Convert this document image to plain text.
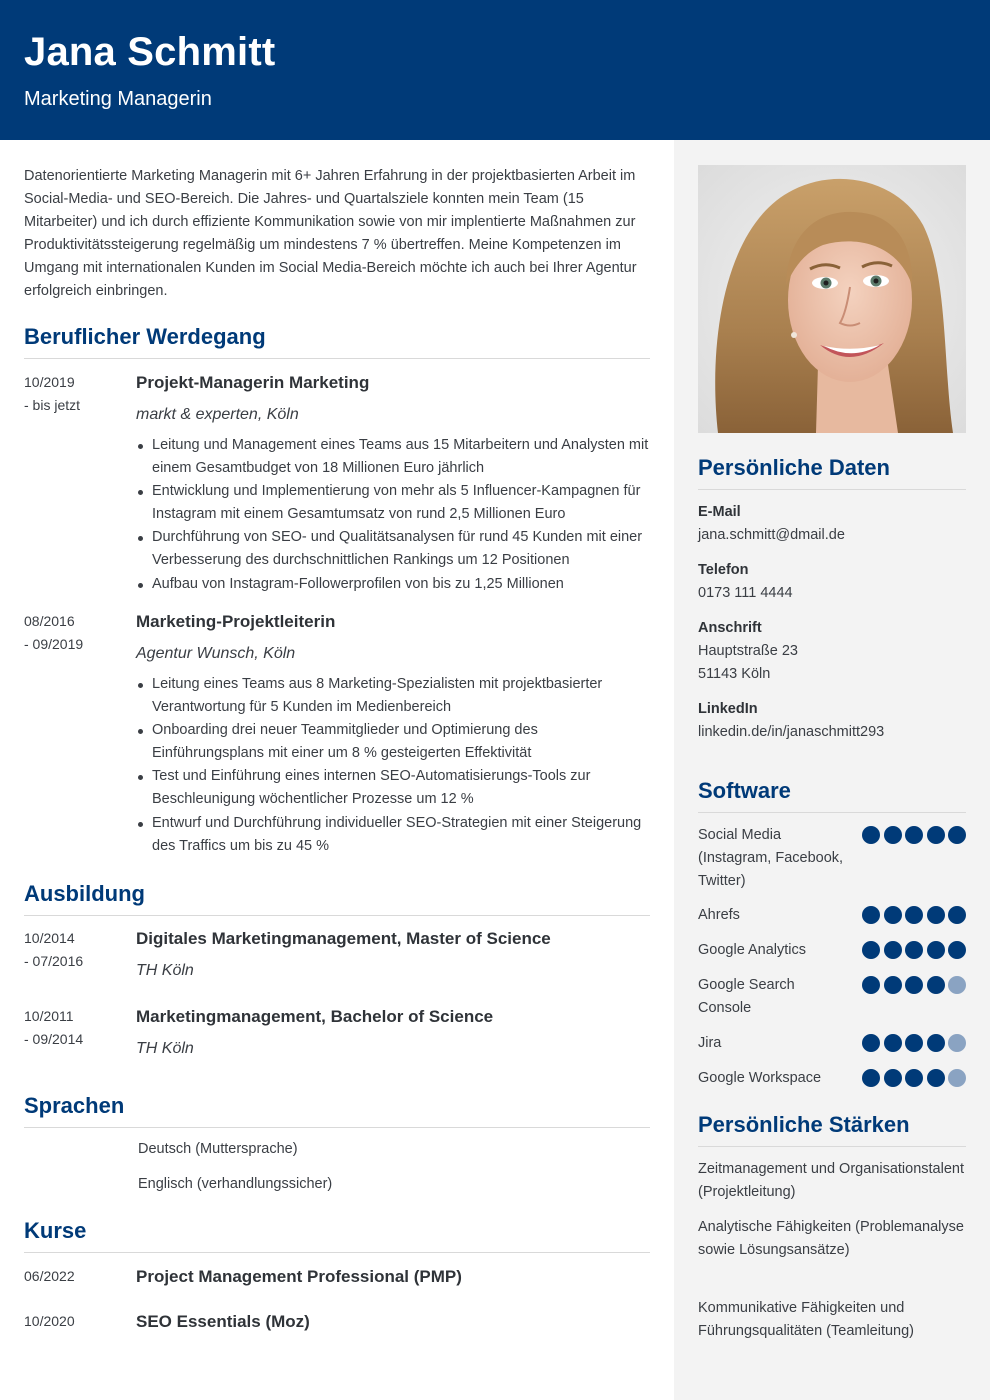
Jana Schmitt
Marketing Managerin
Persönliche Daten
E-Mail
jana.schmitt@dmail.de
Telefon
0173 111 4444
Anschrift
Hauptstraße 23
51143 Köln
LinkedIn
linkedin.de/in/janaschmitt293
Software
Social Media (Instagram, Facebook, Twitter)
Ahrefs
Google Analytics
Google Search Console
Jira
Google Workspace
Persönliche Stärken
Zeitmanagement und Organisationstalent (Projektleitung)
Analytische Fähigkeiten (Problemanalyse sowie Lösungsansätze)
Kommunikative Fähigkeiten und Führungsqualitäten (Teamleitung)
Datenorientierte Marketing Managerin mit 6+ Jahren Erfahrung in der projektbasierten Arbeit im Social-Media- und SEO-Bereich. Die Jahres- und Quartalsziele konnten mein Team (15 Mitarbeiter) und ich durch effiziente Kommunikation sowie von mir implentierte Maßnahmen zur Produktivitätssteigerung regelmäßig um mindestens 7 % übertreffen. Meine Kompetenzen im Umgang mit internationalen Kunden im Social Media-Bereich möchte ich auch bei Ihrer Agentur erfolgreich einbringen.
Beruflicher Werdegang
10/2019
- bis jetzt
Projekt-Managerin Marketing
markt & experten, Köln
Leitung und Management eines Teams aus 15 Mitarbeitern und Analysten mit einem Gesamtbudget von 18 Millionen Euro jährlich
Entwicklung und Implementierung von mehr als 5 Influencer-Kampagnen für Instagram mit einem Gesamtumsatz von rund 2,5 Millionen Euro
Durchführung von SEO- und Qualitätsanalysen für rund 45 Kunden mit einer Verbesserung des durchschnittlichen Rankings um 12 Positionen
Aufbau von Instagram-Followerprofilen von bis zu 1,25 Millionen
08/2016
- 09/2019
Marketing-Projektleiterin
Agentur Wunsch, Köln
Leitung eines Teams aus 8 Marketing-Spezialisten mit projektbasierter Verantwortung für 5 Kunden im Medienbereich
Onboarding drei neuer Teammitglieder und Optimierung des Einführungsplans mit einer um 8 % gesteigerten Effektivität
Test und Einführung eines internen SEO-Automatisierungs-Tools zur Beschleunigung wöchentlicher Prozesse um 12 %
Entwurf und Durchführung individueller SEO-Strategien mit einer Steigerung des Traffics um bis zu 45 %
Ausbildung
10/2014
- 07/2016
Digitales Marketingmanagement, Master of Science
TH Köln
10/2011
- 09/2014
Marketingmanagement, Bachelor of Science
TH Köln
Sprachen
Deutsch (Muttersprache)
Englisch (verhandlungssicher)
Kurse
06/2022	Project Management Professional (PMP)
10/2020	SEO Essentials (Moz)
